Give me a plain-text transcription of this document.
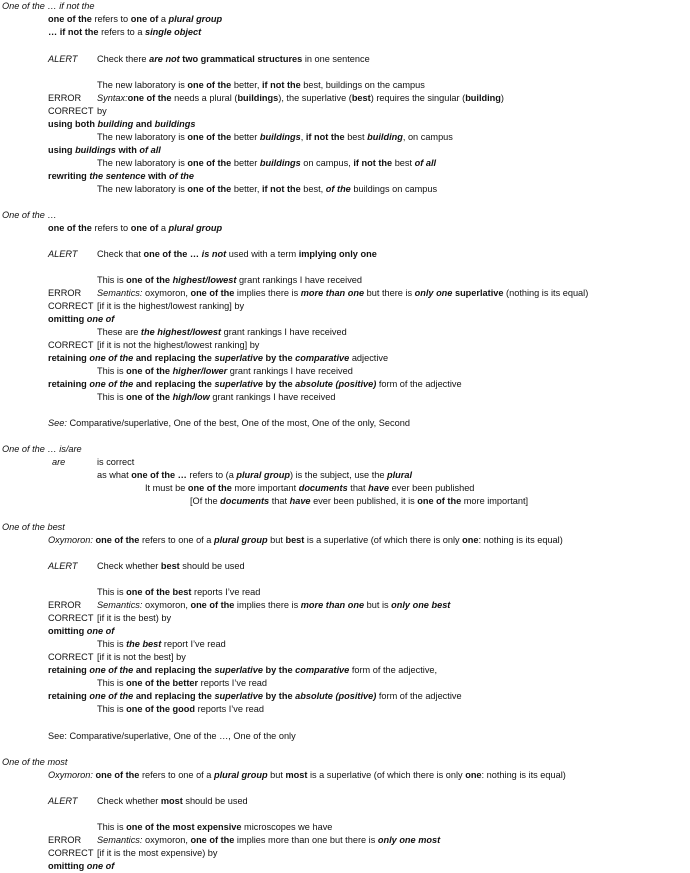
One of the … if not the
one of the refers to one of a plural group
… if not the refers to a single object
ALERT Check there are not two grammatical structures in one sentence
The new laboratory is one of the better, if not the best, buildings on the campus
ERROR Syntax:one of the needs a plural (buildings), the superlative (best) requires the singular (building)
CORRECT by
using both building and buildings
The new laboratory is one of the better buildings, if not the best building, on campus
using buildings with of all
The new laboratory is one of the better buildings on campus, if not the best of all
rewriting the sentence with of the
The new laboratory is one of the better, if not the best, of the buildings on campus
One of the …
one of the refers to one of a plural group
ALERT Check that one of the … is not used with a term implying only one
This is one of the highest/lowest grant rankings I have received
ERROR Semantics: oxymoron, one of the implies there is more than one but there is only one superlative (nothing is its equal)
CORRECT [if it is the highest/lowest ranking] by
omitting one of
These are the highest/lowest grant rankings I have received
CORRECT [if it is not the highest/lowest ranking] by
retaining one of the and replacing the superlative by the comparative adjective
This is one of the higher/lower grant rankings I have received
retaining one of the and replacing the superlative by the absolute (positive) form of the adjective
This is one of the high/low grant rankings I have received
See: Comparative/superlative, One of the best, One of the most, One of the only, Second
One of the … is/are
are	is correct
as what one of the … refers to (a plural group) is the subject, use the plural
It must be one of the more important documents that have ever been published
[Of the documents that have ever been published, it is one of the more important]
One of the best
Oxymoron: one of the refers to one of a plural group but best is a superlative (of which there is only one: nothing is its equal)
ALERT Check whether best should be used
This is one of the best reports I’ve read
ERROR Semantics: oxymoron, one of the implies there is more than one but is only one best
CORRECT [if it is the best) by
omitting one of
This is the best report I’ve read
CORRECT [if it is not the best] by
retaining one of the and replacing the superlative by the comparative form of the adjective,
This is one of the better reports I’ve read
retaining one of the and replacing the superlative by the absolute (positive) form of the adjective
This is one of the good reports I’ve read
See: Comparative/superlative, One of the …, One of the only
One of the most
Oxymoron: one of the refers to one of a plural group but most is a superlative (of which there is only one: nothing is its equal)
ALERT Check whether most should be used
This is one of the most expensive microscopes we have
ERROR Semantics: oxymoron, one of the implies more than one but there is only one most
CORRECT [if it is the most expensive) by
omitting one of
